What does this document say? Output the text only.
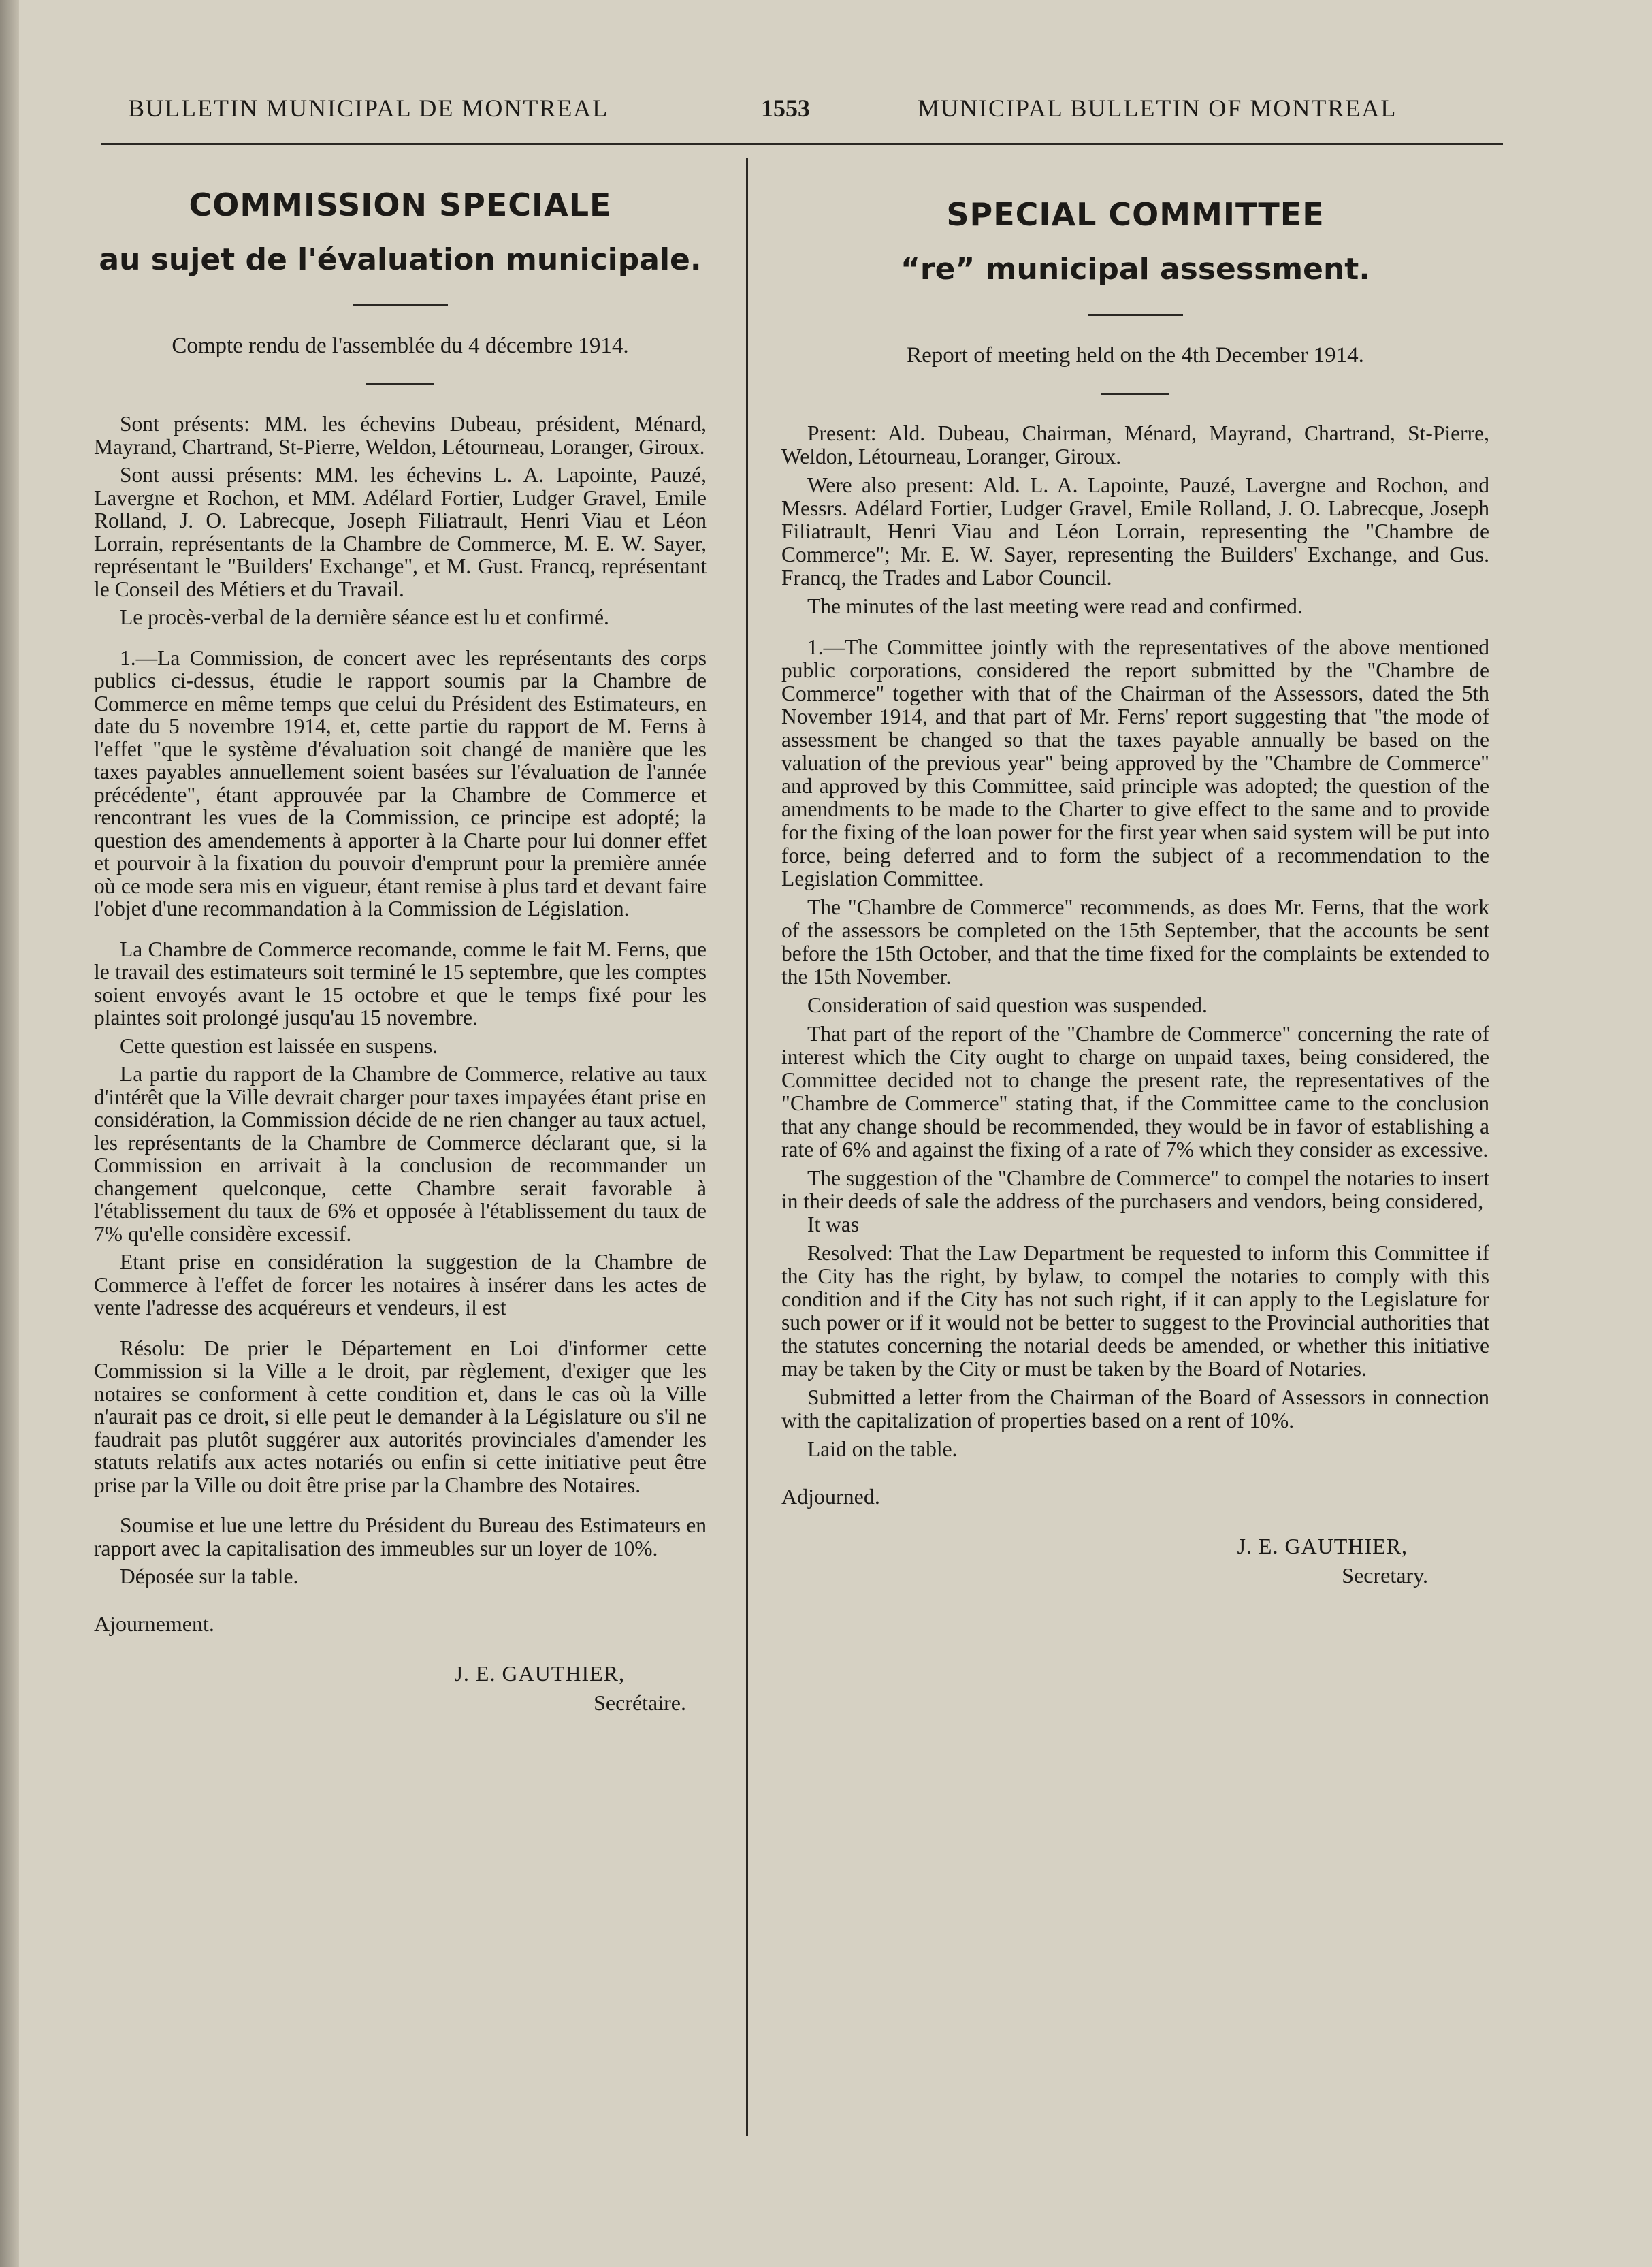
BULLETIN MUNICIPAL DE MONTREAL	1553	MUNICIPAL BULLETIN OF MONTREAL
COMMISSION SPECIALE
au sujet de l'évaluation municipale.
Compte rendu de l'assemblée du 4 décembre 1914.

Sont présents: MM. les échevins Dubeau, président, Ménard, Mayrand, Chartrand, St-Pierre, Weldon, Létourneau, Loranger, Giroux.

Sont aussi présents: MM. les échevins L. A. Lapointe, Pauzé, Lavergne et Rochon, et MM. Adélard Fortier, Ludger Gravel, Emile Rolland, J. O. Labrecque, Joseph Filiatrault, Henri Viau et Léon Lorrain, représentants de la Chambre de Commerce, M. E. W. Sayer, représentant le "Builders' Exchange", et M. Gust. Francq, représentant le Conseil des Métiers et du Travail.

Le procès-verbal de la dernière séance est lu et confirmé.

1.—La Commission, de concert avec les représentants des corps publics ci-dessus, étudie le rapport soumis par la Chambre de Commerce en même temps que celui du Président des Estimateurs, en date du 5 novembre 1914, et, cette partie du rapport de M. Ferns à l'effet "que le système d'évaluation soit changé de manière que les taxes payables annuellement soient basées sur l'évaluation de l'année précédente", étant approuvée par la Chambre de Commerce et rencontrant les vues de la Commission, ce principe est adopté; la question des amendements à apporter à la Charte pour lui donner effet et pourvoir à la fixation du pouvoir d'emprunt pour la première année où ce mode sera mis en vigueur, étant remise à plus tard et devant faire l'objet d'une recommandation à la Commission de Législation.

La Chambre de Commerce recomande, comme le fait M. Ferns, que le travail des estimateurs soit terminé le 15 septembre, que les comptes soient envoyés avant le 15 octobre et que le temps fixé pour les plaintes soit prolongé jusqu'au 15 novembre.

Cette question est laissée en suspens.

La partie du rapport de la Chambre de Commerce, relative au taux d'intérêt que la Ville devrait charger pour taxes impayées étant prise en considération, la Commission décide de ne rien changer au taux actuel, les représentants de la Chambre de Commerce déclarant que, si la Commission en arrivait à la conclusion de recommander un changement quelconque, cette Chambre serait favorable à l'établissement du taux de 6% et opposée à l'établissement du taux de 7% qu'elle considère excessif.

Etant prise en considération la suggestion de la Chambre de Commerce à l'effet de forcer les notaires à insérer dans les actes de vente l'adresse des acquéreurs et vendeurs, il est

Résolu: De prier le Département en Loi d'informer cette Commission si la Ville a le droit, par règlement, d'exiger que les notaires se conforment à cette condition et, dans le cas où la Ville n'aurait pas ce droit, si elle peut le demander à la Législature ou s'il ne faudrait pas plutôt suggérer aux autorités provinciales d'amender les statuts relatifs aux actes notariés ou enfin si cette initiative peut être prise par la Ville ou doit être prise par la Chambre des Notaires.

Soumise et lue une lettre du Président du Bureau des Estimateurs en rapport avec la capitalisation des immeubles sur un loyer de 10%.

Déposée sur la table.

Ajournement.
J. E. GAUTHIER,
Secrétaire.
SPECIAL COMMITTEE
“re” municipal assessment.
Report of meeting held on the 4th December 1914.

Present: Ald. Dubeau, Chairman, Ménard, Mayrand, Chartrand, St-Pierre, Weldon, Létourneau, Loranger, Giroux.

Were also present: Ald. L. A. Lapointe, Pauzé, Lavergne and Rochon, and Messrs. Adélard Fortier, Ludger Gravel, Emile Rolland, J. O. Labrecque, Joseph Filiatrault, Henri Viau and Léon Lorrain, representing the "Chambre de Commerce"; Mr. E. W. Sayer, representing the Builders' Exchange, and Gus. Francq, the Trades and Labor Council.

The minutes of the last meeting were read and confirmed.

1.—The Committee jointly with the representatives of the above mentioned public corporations, considered the report submitted by the "Chambre de Commerce" together with that of the Chairman of the Assessors, dated the 5th November 1914, and that part of Mr. Ferns' report suggesting that "the mode of assessment be changed so that the taxes payable annually be based on the valuation of the previous year" being approved by the "Chambre de Commerce" and approved by this Committee, said principle was adopted; the question of the amendments to be made to the Charter to give effect to the same and to provide for the fixing of the loan power for the first year when said system will be put into force, being deferred and to form the subject of a recommendation to the Legislation Committee.

The "Chambre de Commerce" recommends, as does Mr. Ferns, that the work of the assessors be completed on the 15th September, that the accounts be sent before the 15th October, and that the time fixed for the complaints be extended to the 15th November.

Consideration of said question was suspended.

That part of the report of the "Chambre de Commerce" concerning the rate of interest which the City ought to charge on unpaid taxes, being considered, the Committee decided not to change the present rate, the representatives of the "Chambre de Commerce" stating that, if the Committee came to the conclusion that any change should be recommended, they would be in favor of establishing a rate of 6% and against the fixing of a rate of 7% which they consider as excessive.

The suggestion of the "Chambre de Commerce" to compel the notaries to insert in their deeds of sale the address of the purchasers and vendors, being considered,

It was

Resolved: That the Law Department be requested to inform this Committee if the City has the right, by bylaw, to compel the notaries to comply with this condition and if the City has not such right, if it can apply to the Legislature for such power or if it would not be better to suggest to the Provincial authorities that the statutes concerning the notarial deeds be amended, or whether this initiative may be taken by the City or must be taken by the Board of Notaries.

Submitted a letter from the Chairman of the Board of Assessors in connection with the capitalization of properties based on a rent of 10%.

Laid on the table.

Adjourned.
J. E. GAUTHIER,
Secretary.
